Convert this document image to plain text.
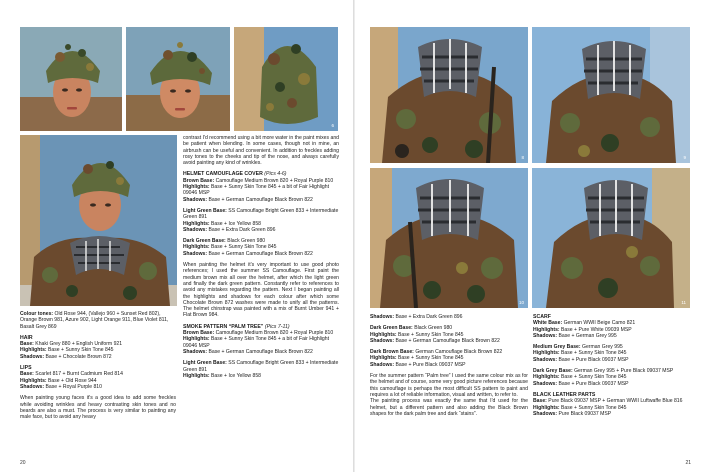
6

Colour tones: Old Rose 944, (Vallejo 960 + Sunset Red 802), Orange Brown 981, Azure 902, Light Orange 911, Blue Violet 811, Basalt Grey 869

HAIR
Base: Khaki Grey 880 + English Uniform 921
Highlights: Base + Sunny Skin Tone 845
Shadows: Base + Chocolate Brown 872
LIPS
Base: Scarlet 817 + Burnt Cadmium Red 814
Highlights: Base + Old Rose 944
Shadows: Base + Royal Purple 810

When painting young faces it's a good idea to add some freckles while avoiding wrinkles and heavy contrasting skin tones and no beards are also a must. The process is very similar to painting any male face, but to avoid any heavy

contrast I'd recommend using a bit more water in the paint mixes and be patient when blending. In some cases, though not in mine, an airbrush can be useful and convenient. In addition to freckles adding rosy tones to the cheeks and tip of the nose, and always carefully avoid painting any kind of wrinkles.

HELMET CAMOUFLAGE COVER (Pics 4-6)
Brown Base: Camouflage Medium Brown 820 + Royal Purple 810
Highlights: Base + Sunny Skin Tone 845 + a bit of Fair Highlight 09046 MSP
Shadows: Base + German Camouflage Black Brown 822
Light Green Base: SS Camouflage Bright Green 833 + Intermediate Green 891
Highlights: Base + Ice Yellow 858
Shadows: Base + Extra Dark Green 896
Dark Green Base: Black Green 980
Highlights: Base + Sunny Skin Tone 845
Shadows: Base + German Camouflage Black Brown 822

When painting the helmet it's very important to use good photo references; I used the summer SS Camouflage. First paint the medium brown mix all over the helmet, after which the light green and finally the dark green pattern. Constantly refer to references to avoid any mistakes regarding the pattern. Next I began painting all the highlights and shadows for each colour after which some Chocolate Brown 872 washes were made to unify all the patterns. The helmet chinstrap was painted with a mix of Burnt Umber 941 + Flat Brown 984.

SMOKE PATTERN “PALM TREE” (Pics 7-11)
Brown Base: Camouflage Medium Brown 820 + Royal Purple 810
Highlights: Base + Sunny Skin Tone 845 + a bit of Fair Highlight 09046 MSP
Shadows: Base + German Camouflage Black Brown 822
Light Green Base: SS Camouflage Bright Green 833 + Intermediate Green 891
Highlights: Base + Ice Yellow 858
20
8	9
10	11
Shadows: Base + Extra Dark Green 896
Dark Green Base: Black Green 980
Highlights: Base + Sunny Skin Tone 845
Shadows: Base + German Camouflage Black Brown 822
Dark Brown Base: German Camouflage Black Brown 822
Highlights: Base + Sunny Skin Tone 845
Shadows: Base + Pure Black 09037 MSP

For the summer pattern “Palm tree” I used the same colour mix as for the helmet and of course, some very good picture references because this camouflage is perhaps the most difficult SS pattern to paint and requires a lot of reliable information, visual and written, to refer to.

The painting process was exactly the same that I'd used for the helmet, but a different pattern and also adding the Black Brown shapes for the dark palm tree and dark “stains”.

SCARF
White Base: German WWII Beige Camo 821
Highlights: Base + Pure White 09039 MSP
Shadows: Base + German Grey 995
Medium Grey Base: German Grey 995
Highlights: Base + Sunny Skin Tone 845
Shadows: Base + Pure Black 09037 MSP
Dark Grey Base: German Grey 995 + Pure Black 09037 MSP
Highlights: Base + Sunny Skin Tone 845
Shadows: Base + Pure Black 09037 MSP
BLACK LEATHER PARTS
Base: Pure Black 09037 MSP + German WWII Luftwaffe Blue 816
Highlights: Base + Sunny Skin Tone 845
Shadows: Pure Black 09037 MSP
21
